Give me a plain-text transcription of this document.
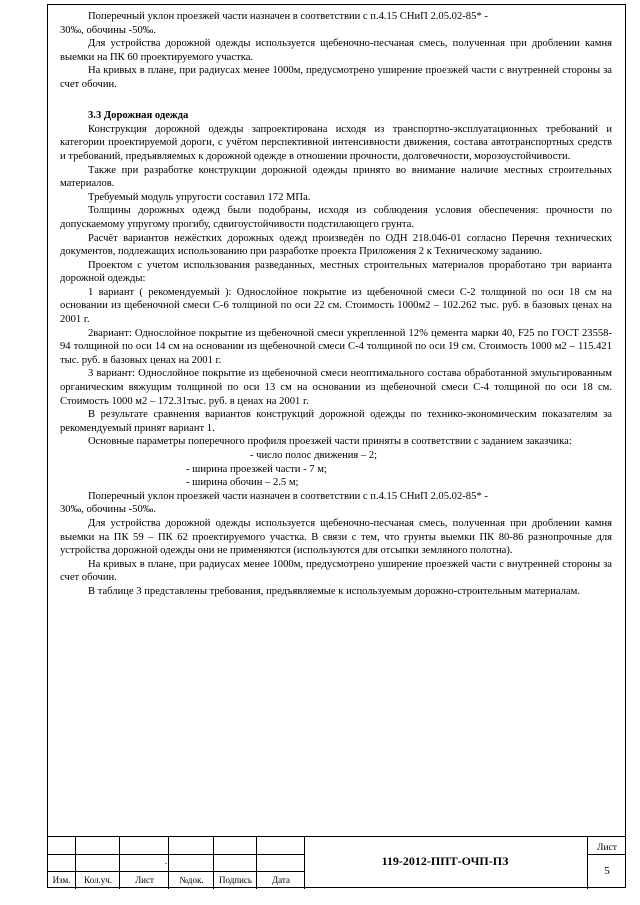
Поперечный уклон проезжей части назначен в соответствии с п.4.15 СНиП 2.05.02-85* -

30‰, обочины -50‰.

Для устройства дорожной одежды используется щебеночно-песчаная смесь, полученная при дроблении камня выемки на ПК 60 проектируемого участка.

На кривых в плане, при радиусах менее 1000м, предусмотрено уширение проезжей части с внутренней стороны за счет обочин.

3.3 Дорожная одежда

Конструкция дорожной одежды запроектирована исходя из транспортно-эксплуатационных требований и категории проектируемой дороги, с учётом перспективной интенсивности движения, состава автотранспортных средств и требований, предъявляемых к дорожной одежде в отношении прочности, долговечности, морозоустойчивости.

Также при разработке конструкции дорожной одежды принято во внимание наличие местных строительных материалов.

Требуемый модуль упругости составил 172 МПа.

Толщины дорожных одежд были подобраны, исходя из соблюдения условия обеспечения: прочности по допускаемому упругому прогибу, сдвигоустойчивости подстилающего грунта.

Расчёт вариантов нежёстких дорожных одежд произведён по ОДН 218.046-01 согласно Перечня технических документов, подлежащих использованию при разработке проекта Приложения 2 к Техническому заданию.

Проектом с учетом использования разведанных, местных строительных материалов проработано три варианта дорожной одежды:

1 вариант ( рекомендуемый ): Однослойное покрытие из щебеночной смеси С-2 толщиной по оси 18 см на основании из щебеночной смеси С-6 толщиной по оси 22 см. Стоимость 1000м2 – 102.262 тыс. руб. в базовых ценах на 2001 г.

2вариант: Однослойное покрытие из щебеночной смеси укрепленной 12% цемента марки 40, F25 по ГОСТ 23558-94 толщиной по оси 14 см на основании из щебеночной смеси С-4 толщиной по оси 19 см. Стоимость 1000 м2 – 115.421 тыс. руб. в базовых ценах на 2001 г.

3 вариант: Однослойное покрытие из щебеночной смеси неоптимального состава обработанной эмульгированным органическим вяжущим толщиной по оси 13 см на основании из щебеночной смеси С-4 толщиной по оси 18 см. Стоимость 1000 м2 – 172.31тыс. руб. в ценах на 2001 г.

В результате сравнения вариантов конструкций дорожной одежды по технико-экономическим показателям за рекомендуемый принят вариант 1.

Основные параметры поперечного профиля проезжей части приняты в соответствии с заданием заказчика:

- число полос движения – 2;
- ширина проезжей части - 7 м;
- ширина обочин – 2.5 м;

Поперечный уклон проезжей части назначен в соответствии с п.4.15 СНиП 2.05.02-85* -

30‰, обочины -50‰.

Для устройства дорожной одежды используется щебеночно-песчаная смесь, полученная при дроблении камня выемки на ПК 59 – ПК 62 проектируемого участка. В связи с тем, что грунты выемки ПК 80-86 разнопрочные для устройства дорожной одежды они не применяются (используются для отсыпки земляного полотна).

На кривых в плане, при радиусах менее 1000м, предусмотрено уширение проезжей части с внутренней стороны за счет обочин.

В таблице 3 представлены требования, предъявляемые к используемым дорожно-строительным материалам.

.
Изм.	Кол.уч.	Лист	№док.	Подпись	Дата
119-2012-ППТ-ОЧП-ПЗ
Лист
5
